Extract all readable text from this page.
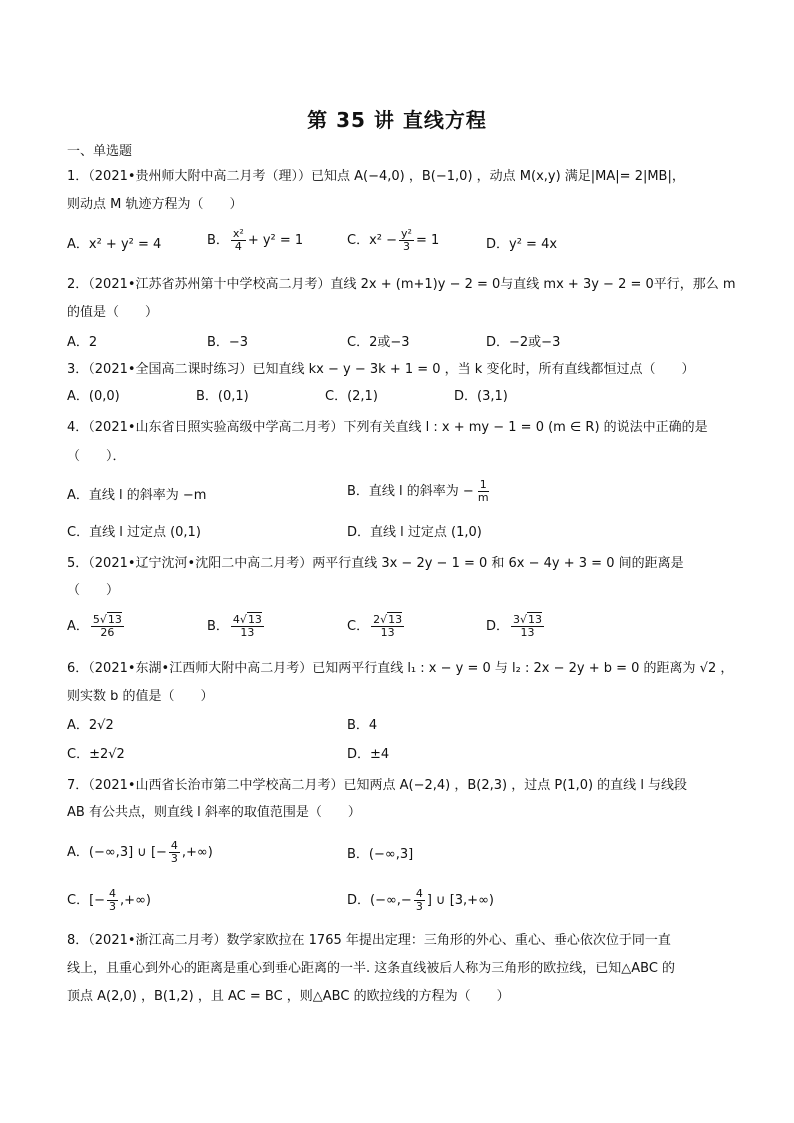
第 35 讲 直线方程
一、单选题
1．（2021•贵州师大附中高二月考（理））已知点 A(−4,0) ，B(−1,0) ，动点 M(x,y) 满足|MA|= 2|MB|，
则动点 M 轨迹方程为（　　）
A．x² + y² = 4	B． $\frac{\text{x²}}{4} + y^2 = 1$	C．$x^2 - \frac{\text{y²}}{3} = 1$	D．y² = 4x
2．（2021•江苏省苏州第十中学校高二月考）直线 2x + (m+1)y − 2 = 0与直线 mx + 3y − 2 = 0平行，那么 m
的值是（　　）
A．2	B．−3	C．2或−3	D．−2或−3
3．（2021•全国高二课时练习）已知直线 kx − y − 3k + 1 = 0 ，当 k 变化时，所有直线都恒过点（　　）
A．(0,0)	B．(0,1)	C．(2,1)	D．(3,1)
4．（2021•山东省日照实验高级中学高二月考）下列有关直线 l : x + my − 1 = 0 (m ∈ R) 的说法中正确的是
（　　）．
A．直线 l 的斜率为 −m	B．直线 l 的斜率为 − $\frac{1}{m}$
C．直线 l 过定点 (0,1)	D．直线 l 过定点 (1,0)
5．（2021•辽宁沈河•沈阳二中高二月考）两平行直线 3x − 2y − 1 = 0 和 6x − 4y + 3 = 0 间的距离是
（　　）
A． $\frac{5√13}{26}$	B． $\frac{4√13}{13}$	C． $\frac{2√13}{13}$	D． $\frac{3√13}{13}$
6．（2021•东湖•江西师大附中高二月考）已知两平行直线 l₁ : x − y = 0 与 l₂ : 2x − 2y + b = 0 的距离为 √2 ，
则实数 b 的值是（　　）
A．2√2	B．4
C．±2√2	D．±4
7．（2021•山西省长治市第二中学校高二月考）已知两点 A(−2,4) ，B(2,3) ，过点 P(1,0) 的直线 l 与线段
AB 有公共点，则直线 l 斜率的取值范围是（　　）
A．(−∞,3] ∪ [− $\frac{4}{3}$ ,+∞)	B．(−∞,3]
C．[− $\frac{4}{3}$ ,+∞)	D．(−∞,− $\frac{4}{3}$ ] ∪ [3,+∞)
8．（2021•浙江高二月考）数学家欧拉在 1765 年提出定理：三角形的外心、重心、垂心依次位于同一直
线上，且重心到外心的距离是重心到垂心距离的一半. 这条直线被后人称为三角形的欧拉线，已知△ABC 的
顶点 A(2,0) ，B(1,2) ，且 AC = BC ，则△ABC 的欧拉线的方程为（　　）
